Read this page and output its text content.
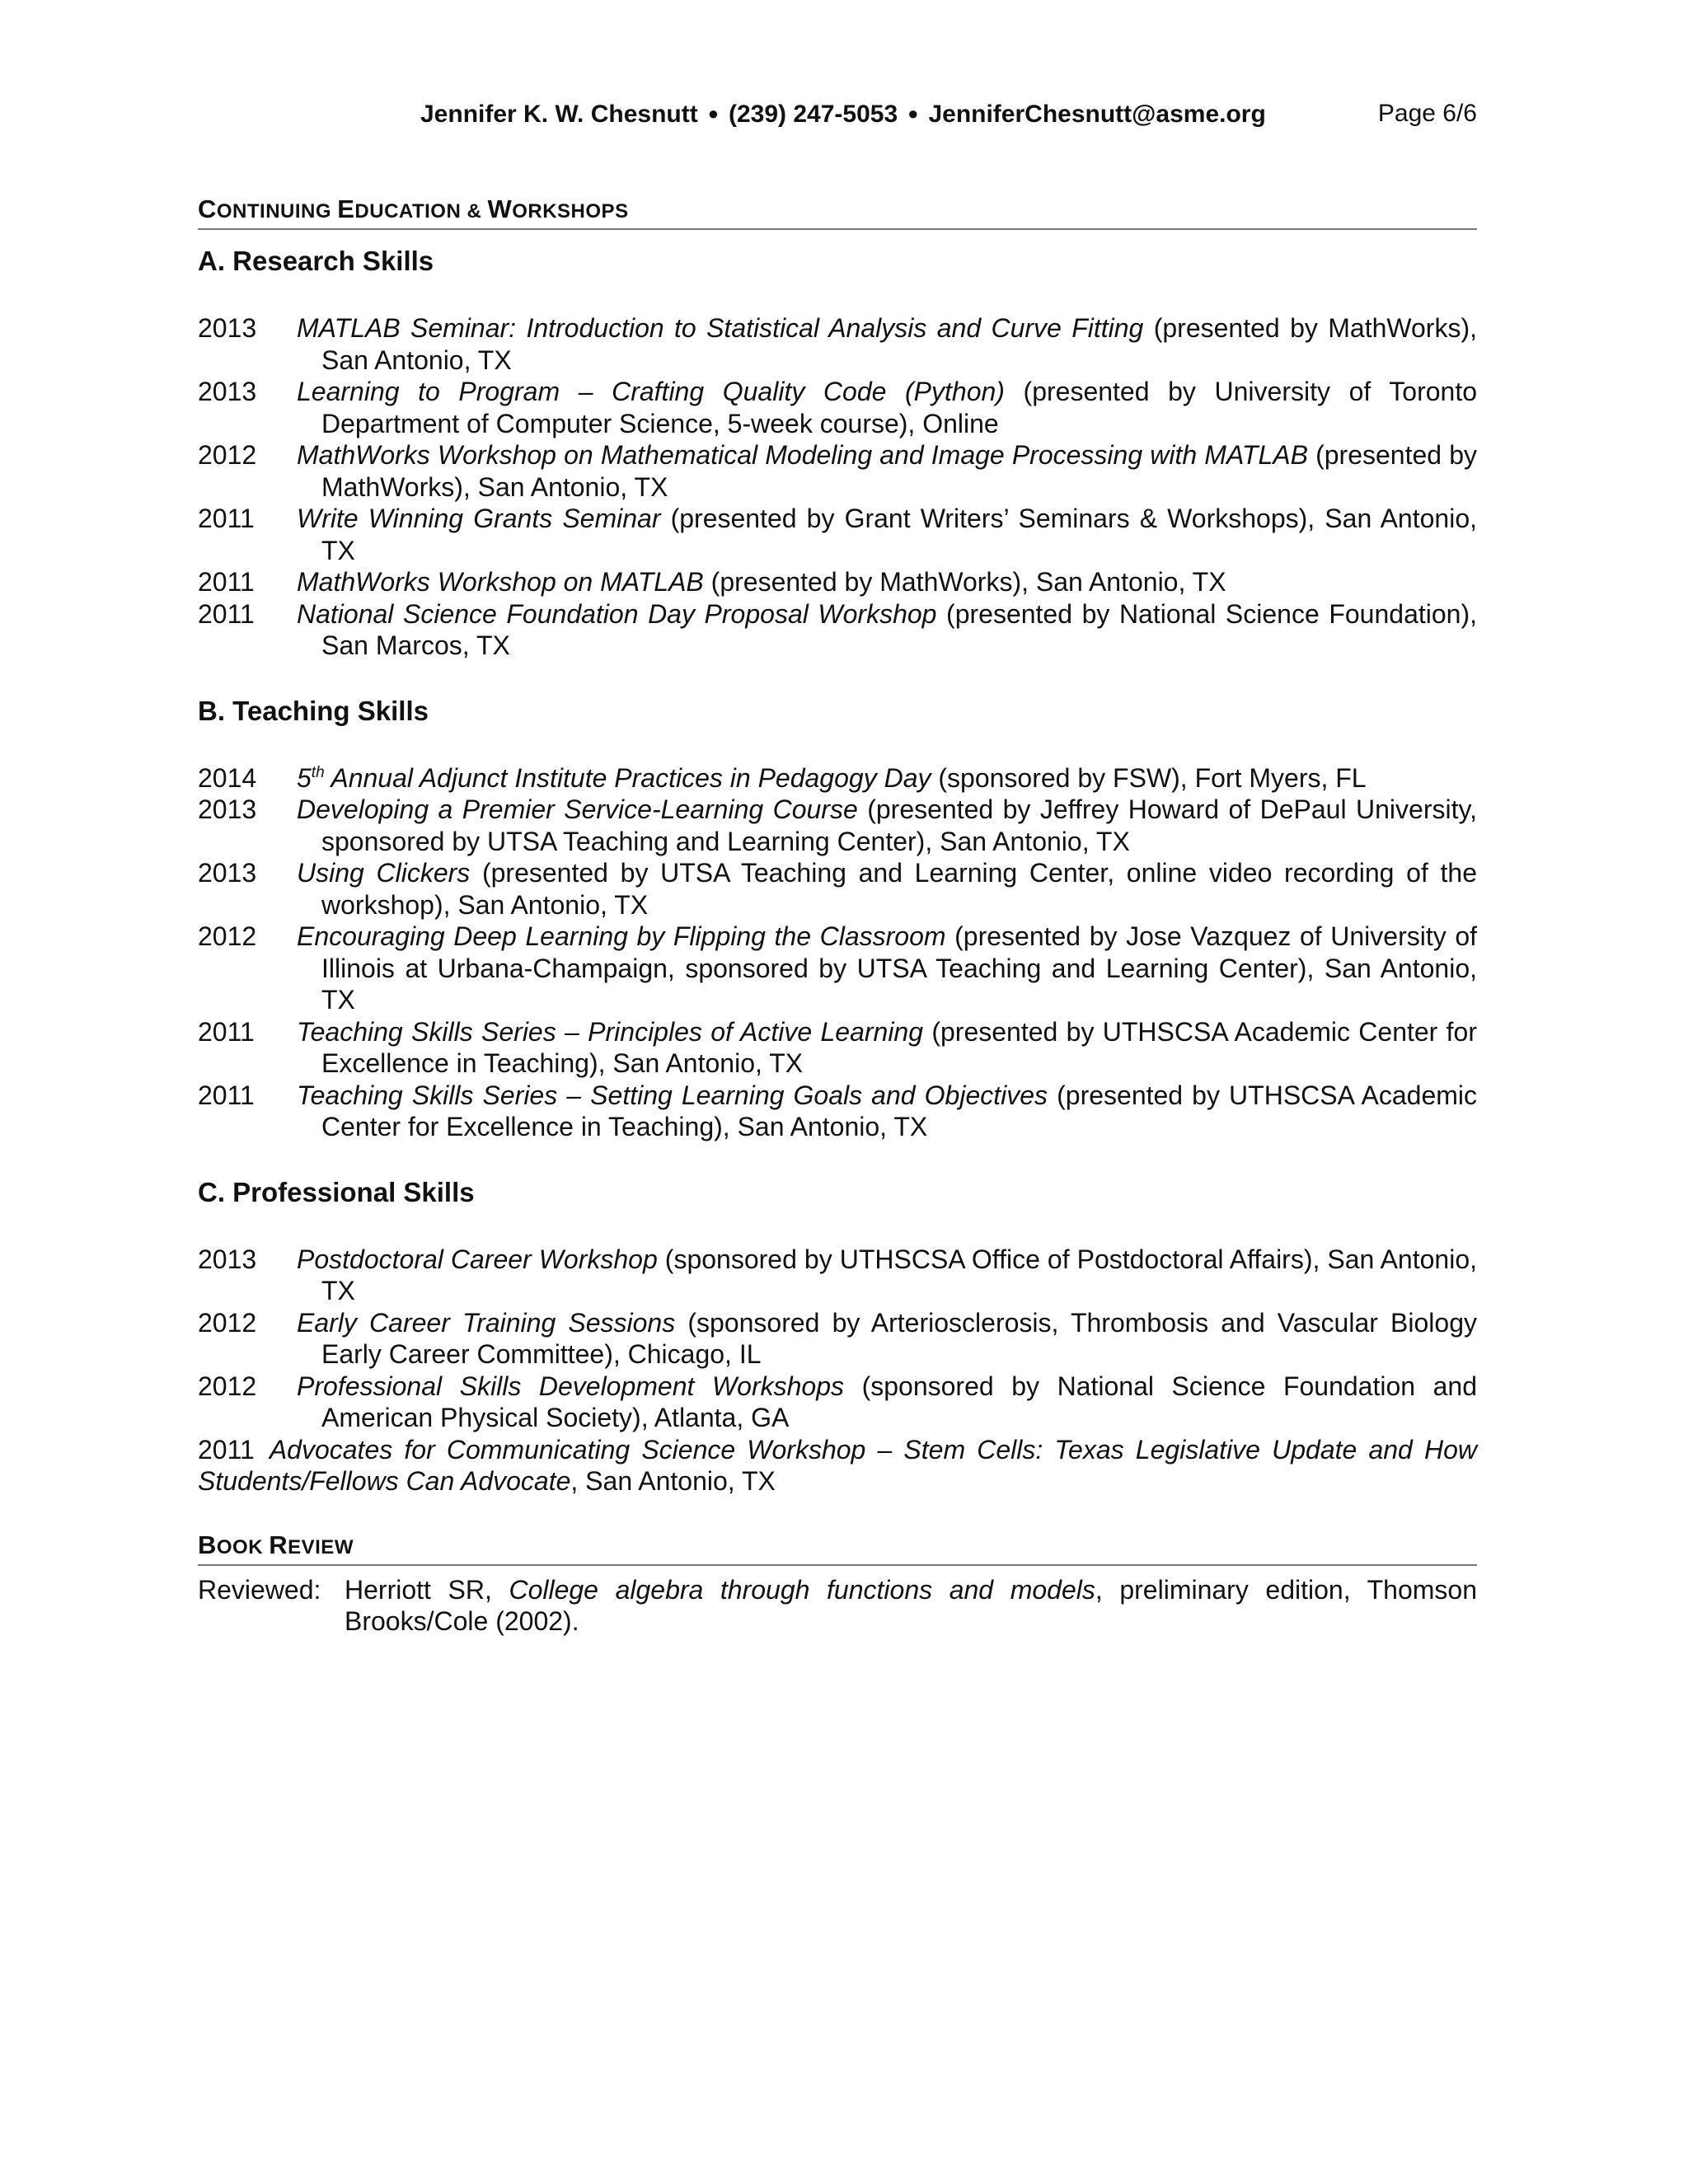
Jennifer K. W. Chesnutt ● (239) 247-5053 ● JenniferChesnutt@asme.org	Page 6/6
CONTINUING EDUCATION & WORKSHOPS
A. Research Skills
2013 MATLAB Seminar: Introduction to Statistical Analysis and Curve Fitting (presented by MathWorks), San Antonio, TX
2013 Learning to Program – Crafting Quality Code (Python) (presented by University of Toronto Department of Computer Science, 5-week course), Online
2012 MathWorks Workshop on Mathematical Modeling and Image Processing with MATLAB (presented by MathWorks), San Antonio, TX
2011 Write Winning Grants Seminar (presented by Grant Writers’ Seminars & Workshops), San Antonio, TX
2011 MathWorks Workshop on MATLAB (presented by MathWorks), San Antonio, TX
2011 National Science Foundation Day Proposal Workshop (presented by National Science Foundation), San Marcos, TX
B. Teaching Skills
2014 5th Annual Adjunct Institute Practices in Pedagogy Day (sponsored by FSW), Fort Myers, FL
2013 Developing a Premier Service-Learning Course (presented by Jeffrey Howard of DePaul University, sponsored by UTSA Teaching and Learning Center), San Antonio, TX
2013 Using Clickers (presented by UTSA Teaching and Learning Center, online video recording of the workshop), San Antonio, TX
2012 Encouraging Deep Learning by Flipping the Classroom (presented by Jose Vazquez of University of Illinois at Urbana-Champaign, sponsored by UTSA Teaching and Learning Center), San Antonio, TX
2011 Teaching Skills Series – Principles of Active Learning (presented by UTHSCSA Academic Center for Excellence in Teaching), San Antonio, TX
2011 Teaching Skills Series – Setting Learning Goals and Objectives (presented by UTHSCSA Academic Center for Excellence in Teaching), San Antonio, TX
C. Professional Skills
2013 Postdoctoral Career Workshop (sponsored by UTHSCSA Office of Postdoctoral Affairs), San Antonio, TX
2012 Early Career Training Sessions (sponsored by Arteriosclerosis, Thrombosis and Vascular Biology Early Career Committee), Chicago, IL
2012 Professional Skills Development Workshops (sponsored by National Science Foundation and American Physical Society), Atlanta, GA
2011 Advocates for Communicating Science Workshop – Stem Cells: Texas Legislative Update and How Students/Fellows Can Advocate, San Antonio, TX
BOOK REVIEW
Reviewed: Herriott SR, College algebra through functions and models, preliminary edition, Thomson Brooks/Cole (2002).
